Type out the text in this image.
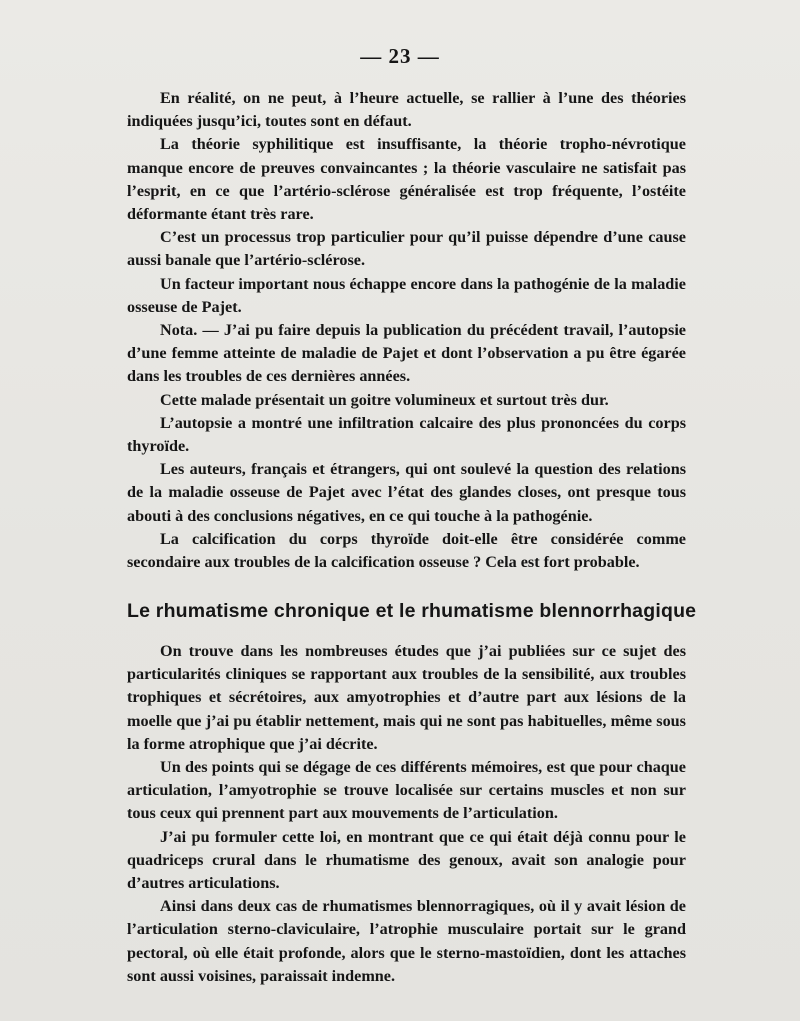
— 23 —

En réalité, on ne peut, à l’heure actuelle, se rallier à l’une des théories indiquées jusqu’ici, toutes sont en défaut.

La théorie syphilitique est insuffisante, la théorie tropho-névrotique manque encore de preuves convaincantes ; la théorie vasculaire ne satisfait pas l’esprit, en ce que l’artério-sclérose généralisée est trop fréquente, l’ostéite déformante étant très rare.

C’est un processus trop particulier pour qu’il puisse dépendre d’une cause aussi banale que l’artério-sclérose.

Un facteur important nous échappe encore dans la pathogénie de la maladie osseuse de Pajet.

Nota. — J’ai pu faire depuis la publication du précédent travail, l’autopsie d’une femme atteinte de maladie de Pajet et dont l’observation a pu être égarée dans les troubles de ces dernières années.

Cette malade présentait un goitre volumineux et surtout très dur.

L’autopsie a montré une infiltration calcaire des plus prononcées du corps thyroïde.

Les auteurs, français et étrangers, qui ont soulevé la question des relations de la maladie osseuse de Pajet avec l’état des glandes closes, ont presque tous abouti à des conclusions négatives, en ce qui touche à la pathogénie.

La calcification du corps thyroïde doit-elle être considérée comme secondaire aux troubles de la calcification osseuse ? Cela est fort probable.

Le rhumatisme chronique et le rhumatisme blennorrhagique

On trouve dans les nombreuses études que j’ai publiées sur ce sujet des particularités cliniques se rapportant aux troubles de la sensibilité, aux troubles trophiques et sécrétoires, aux amyotrophies et d’autre part aux lésions de la moelle que j’ai pu établir nettement, mais qui ne sont pas habituelles, même sous la forme atrophique que j’ai décrite.

Un des points qui se dégage de ces différents mémoires, est que pour chaque articulation, l’amyotrophie se trouve localisée sur certains muscles et non sur tous ceux qui prennent part aux mouvements de l’articulation.

J’ai pu formuler cette loi, en montrant que ce qui était déjà connu pour le quadriceps crural dans le rhumatisme des genoux, avait son analogie pour d’autres articulations.

Ainsi dans deux cas de rhumatismes blennorragiques, où il y avait lésion de l’articulation sterno-claviculaire, l’atrophie musculaire portait sur le grand pectoral, où elle était profonde, alors que le sterno-mastoïdien, dont les attaches sont aussi voisines, paraissait indemne.
